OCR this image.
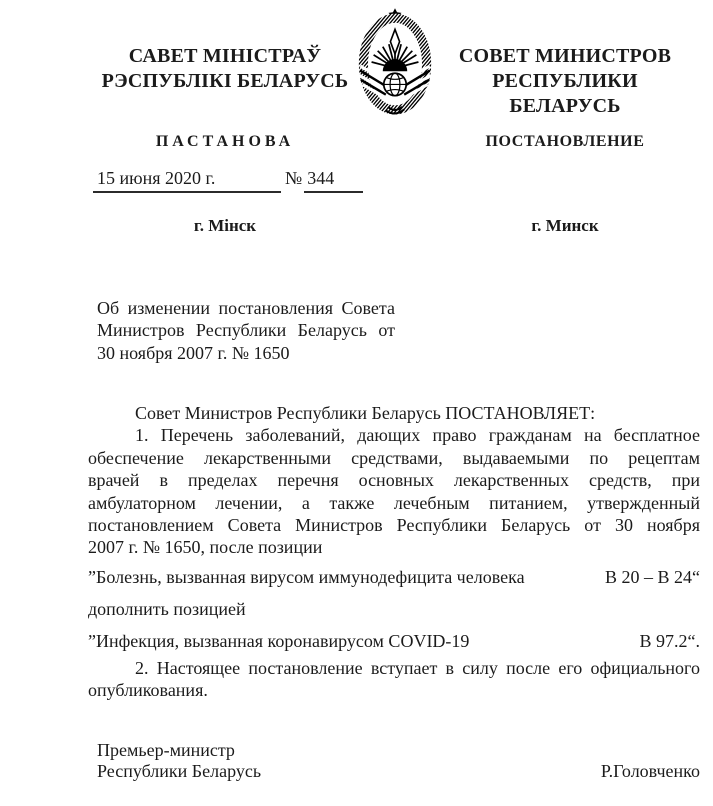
САВЕТ МІНІСТРАЎ
РЭСПУБЛІКІ БЕЛАРУСЬ
СОВЕТ МИНИСТРОВ
РЕСПУБЛИКИ БЕЛАРУСЬ
ПАСТАНОВА	ПОСТАНОВЛЕНИЕ
15 июня 2020 г.	№ 344
г. Мінск	г. Минск
Об изменении постановления Совета
Министров Республики Беларусь от
30 ноября 2007 г. № 1650
Совет Министров Республики Беларусь ПОСТАНОВЛЯЕТ:
1. Перечень заболеваний, дающих право гражданам на бесплатное
обеспечение лекарственными средствами, выдаваемыми по рецептам
врачей в пределах перечня основных лекарственных средств, при
амбулаторном лечении, а также лечебным питанием, утвержденный
постановлением Совета Министров Республики Беларусь от 30 ноября
2007 г. № 1650, после позиции
”Болезнь, вызванная вирусом иммунодефицита человека	В 20 – В 24“
дополнить позицией
”Инфекция, вызванная коронавирусом COVID-19	В 97.2“.
2. Настоящее постановление вступает в силу после его официального
опубликования.
Премьер-министр
Республики Беларусь	Р.Головченко
